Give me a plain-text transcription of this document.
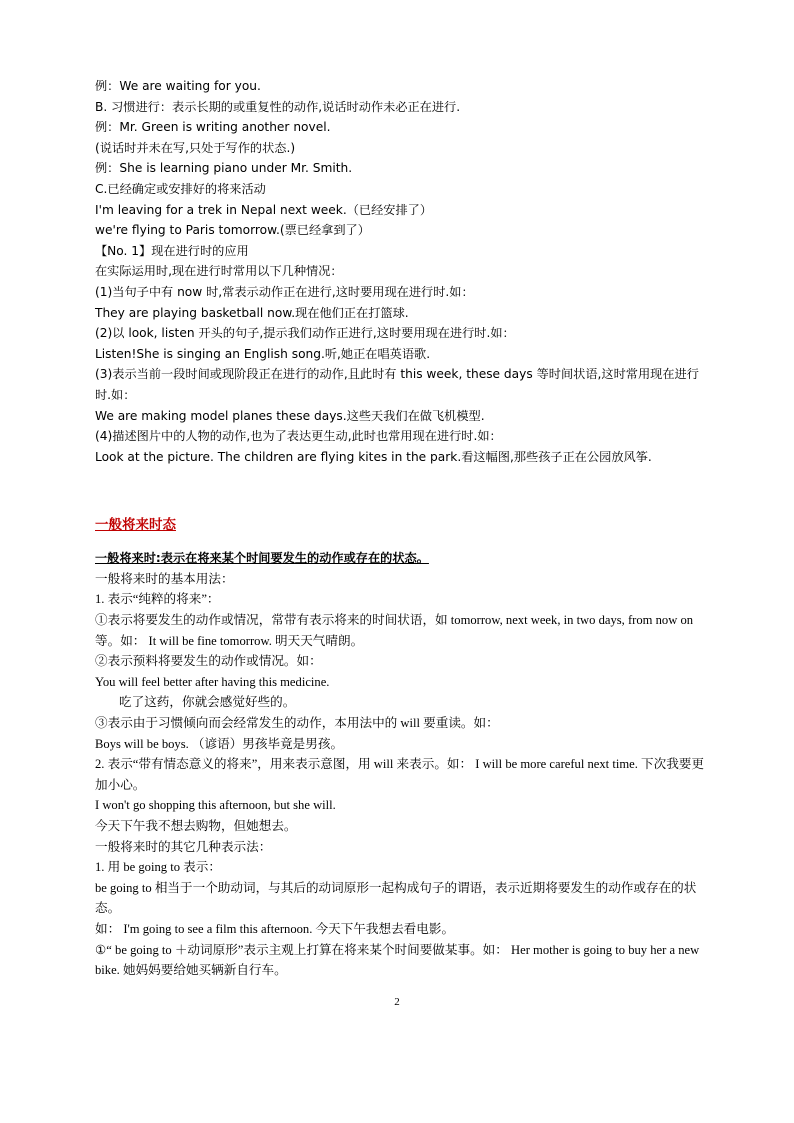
例：We are waiting for you.

B. 习惯进行：表示长期的或重复性的动作,说话时动作未必正在进行.

例：Mr. Green is writing another novel.

(说话时并未在写,只处于写作的状态.)

例：She is learning piano under Mr. Smith.

C.已经确定或安排好的将来活动

I'm leaving for a trek in Nepal next week.（已经安排了）

we're flying to Paris tomorrow.(票已经拿到了）

【No. 1】现在进行时的应用

在实际运用时,现在进行时常用以下几种情况：

(1)当句子中有 now 时,常表示动作正在进行,这时要用现在进行时.如：

They are playing basketball now.现在他们正在打篮球.

(2)以 look, listen 开头的句子,提示我们动作正进行,这时要用现在进行时.如：

Listen!She is singing an English song.听,她正在唱英语歌.

(3)表示当前一段时间或现阶段正在进行的动作,且此时有 this week, these days 等时间状语,这时常用现在进行时.如：

We are making model planes these days.这些天我们在做飞机模型.

(4)描述图片中的人物的动作,也为了表达更生动,此时也常用现在进行时.如：

Look at the picture. The children are flying kites in the park.看这幅图,那些孩子正在公园放风筝.

一般将来时态

一般将来时:表示在将来某个时间要发生的动作或存在的状态。

一般将来时的基本用法：

1. 表示“纯粹的将来”：

①表示将要发生的动作或情况，常带有表示将来的时间状语，如 tomorrow, next week, in two days, from now on 等。如： It will be fine tomorrow. 明天天气晴朗。

②表示预料将要发生的动作或情况。如：

You will feel better after having this medicine.

吃了这药，你就会感觉好些的。

③表示由于习惯倾向而会经常发生的动作，本用法中的 will 要重读。如：

Boys will be boys. （谚语）男孩毕竟是男孩。

2. 表示“带有情态意义的将来”，用来表示意图，用 will 来表示。如： I will be more careful next time. 下次我要更加小心。

I won't go shopping this afternoon, but she will.

今天下午我不想去购物，但她想去。

一般将来时的其它几种表示法：

1. 用 be going to 表示：

be going to 相当于一个助动词，与其后的动词原形一起构成句子的谓语，表示近期将要发生的动作或存在的状态。

如： I'm going to see a film this afternoon. 今天下午我想去看电影。

①“ be going to ＋动词原形”表示主观上打算在将来某个时间要做某事。如： Her mother is going to buy her a new bike. 她妈妈要给她买辆新自行车。

2
